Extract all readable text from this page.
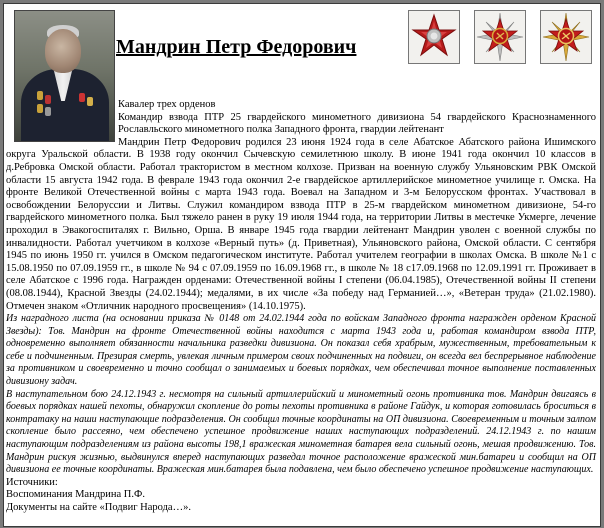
Мандрин Петр Федорович
Кавалер трех орденов
Командир взвода ПТР 25 гвардейского минометного дивизиона 54 гвардейского Краснознаменного Рославльского минометного полка Западного фронта, гвардии лейтенант
Мандрин Петр Федорович родился 23 июня 1924 года в селе Абатское Абатского района Ишимского округа Уральской области. В 1938 году окончил Сычевскую семилетнюю школу. В июне 1941 года окончил 10 классов в д.Ребровка Омской области. Работал трактористом в местном колхозе. Призван на военную службу Ульяновским РВК Омской области 15 августа 1942 года. В феврале 1943 года окончил 2-е гвардейское артиллерийское минометное училище г. Омска. На фронте Великой Отечественной войны с марта 1943 года. Воевал на Западном и 3-м Белорусском фронтах. Участвовал в освобождении Белоруссии и Литвы. Служил командиром взвода ПТР в 25-м гвардейском минометном дивизионе, 54-го гвардейского минометного полка. Был тяжело ранен в руку 19 июля 1944 года, на территории Литвы в местечке Укмерге, лечение проходил в Эвакогоспиталях г. Вильно, Орша. В январе 1945 года гвардии лейтенант Мандрин уволен с военной службы по инвалидности. Работал учетчиком в колхозе «Верный путь» (д. Приветная), Ульяновского района, Омской области. С сентября 1945 по июнь 1950 гг. учился в Омском педагогическом институте. Работал учителем географии в школах Омска. В школе №1 с 15.08.1950 по 07.09.1959 гг., в школе № 94 с 07.09.1959 по 16.09.1968 гг., в школе № 18 с17.09.1968 по 12.09.1991 гг. Проживает в селе Абатское с 1996 года. Награжден орденами: Отечественной войны I степени (06.04.1985), Отечественной войны II степени (08.08.1944), Красной Звезды (24.02.1944); медалями, в их числе «За победу над Германией…», «Ветеран труда» (21.02.1980). Отмечен знаком «Отличник народного просвещения» (14.10.1975).
Из наградного листа (на основании приказа № 0148 от 24.02.1944 года по войскам Западного фронта награжден орденом Красной Звезды): Тов. Мандрин на фронте Отечественной войны находится с марта 1943 года и, работая командиром взвода ПТР, одновременно выполняет обязанности начальника разведки дивизиона. Он показал себя храбрым, мужественным, требовательным к себе и подчиненным. Презирая смерть, увлекая личным примером своих подчиненных на подвиги, он всегда вел беспрерывное наблюдение за противником и своевременно и точно сообщал о занимаемых и боевых порядках, чем обеспечивал точное выполнение поставленных дивизиону задач.
В наступательном бою 24.12.1943 г. несмотря на сильный артиллерийский и минометный огонь противника тов. Мандрин двигаясь в боевых порядках нашей пехоты, обнаружил скопление до роты пехоты противника в районе Гайдук, и которая готовилась броситься в контратаку на наши наступающие подразделения. Он сообщил точные координаты на ОП дивизиона. Своевременным и точным залпом скопление было рассеяно, чем обеспечено успешное продвижение наших наступающих подразделений. 24.12.1943 г. по нашим наступающим подразделениям из района высоты 198,1 вражеская минометная батарея вела сильный огонь, мешая продвижению. Тов. Мандрин рискуя жизнью, выдвинулся вперед наступающих разведал точное расположение вражеской мин.батареи и сообщил на ОП дивизиона ее точные координаты. Вражеская мин.батарея была подавлена, чем было обеспечено успешное продвижение наступающих.
Источники:
Воспоминания Мандрина П.Ф.
Документы на сайте «Подвиг Народа…».
